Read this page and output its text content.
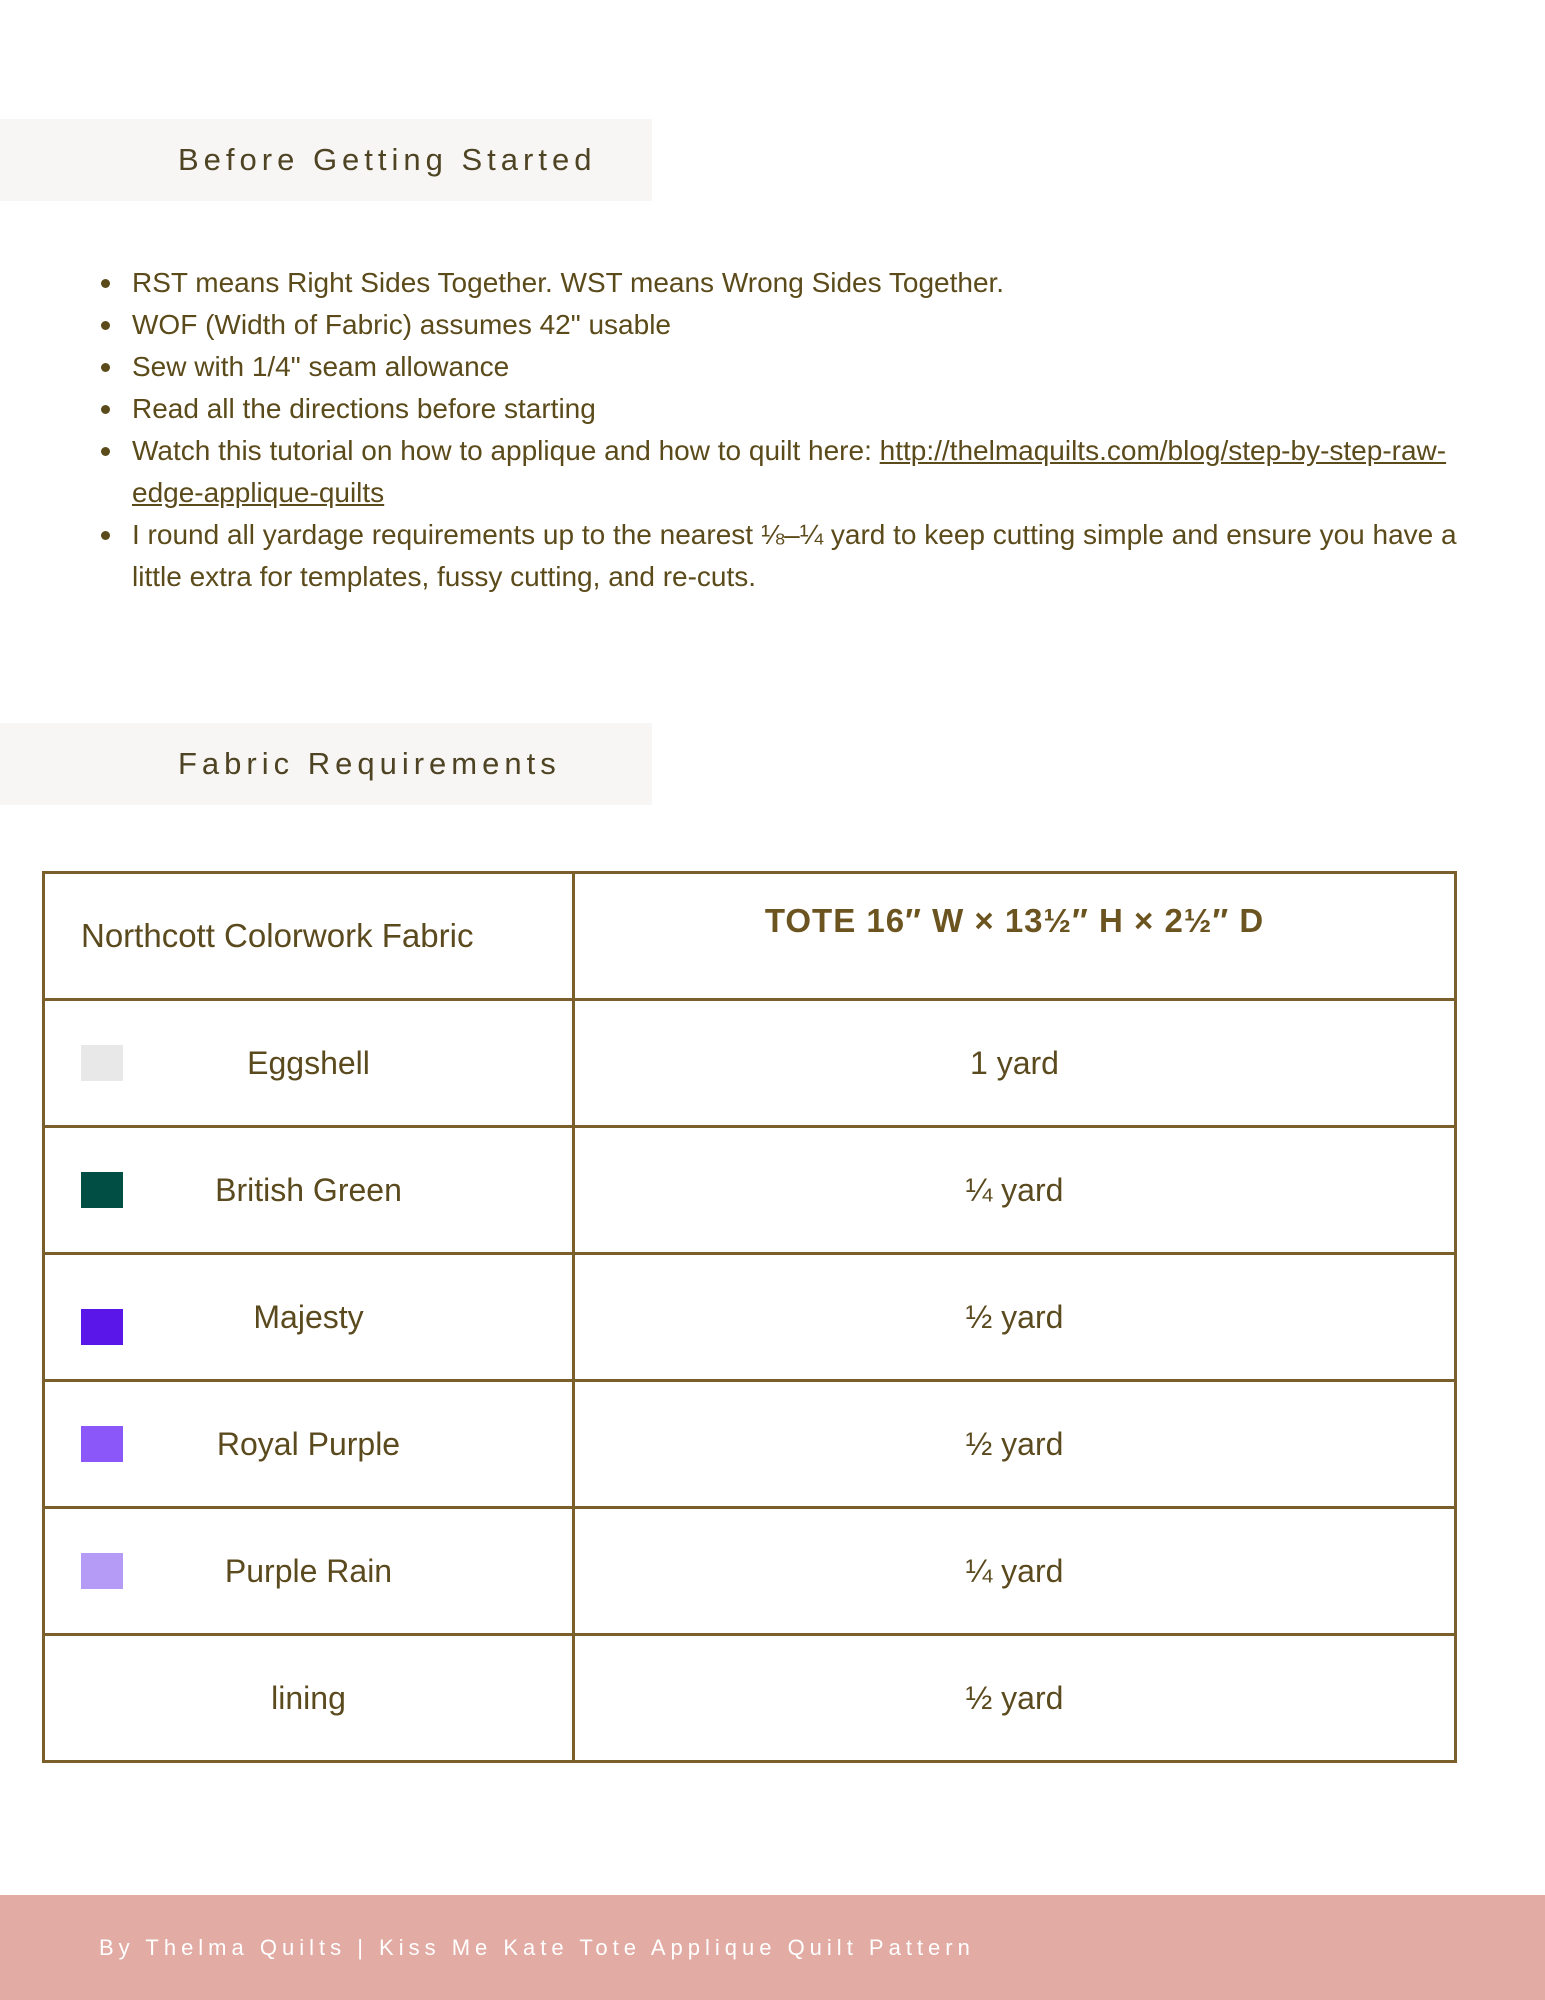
Before Getting Started
RST means Right Sides Together. WST means Wrong Sides Together.
WOF (Width of Fabric) assumes 42" usable
Sew with 1/4" seam allowance
Read all the directions before starting
Watch this tutorial on how to applique and how to quilt here: http://thelmaquilts.com/blog/step-by-step-raw-edge-applique-quilts
I round all yardage requirements up to the nearest ⅛–¼ yard to keep cutting simple and ensure you have a little extra for templates, fussy cutting, and re-cuts.
Fabric Requirements
Northcott Colorwork Fabric	TOTE 16″ W × 13½″ H × 2½″ D

Eggshell	1 yard

British Green	¼ yard

Majesty	½ yard

Royal Purple	½ yard

Purple Rain	¼ yard
lining	½ yard
By Thelma Quilts | Kiss Me Kate Tote Applique Quilt Pattern
